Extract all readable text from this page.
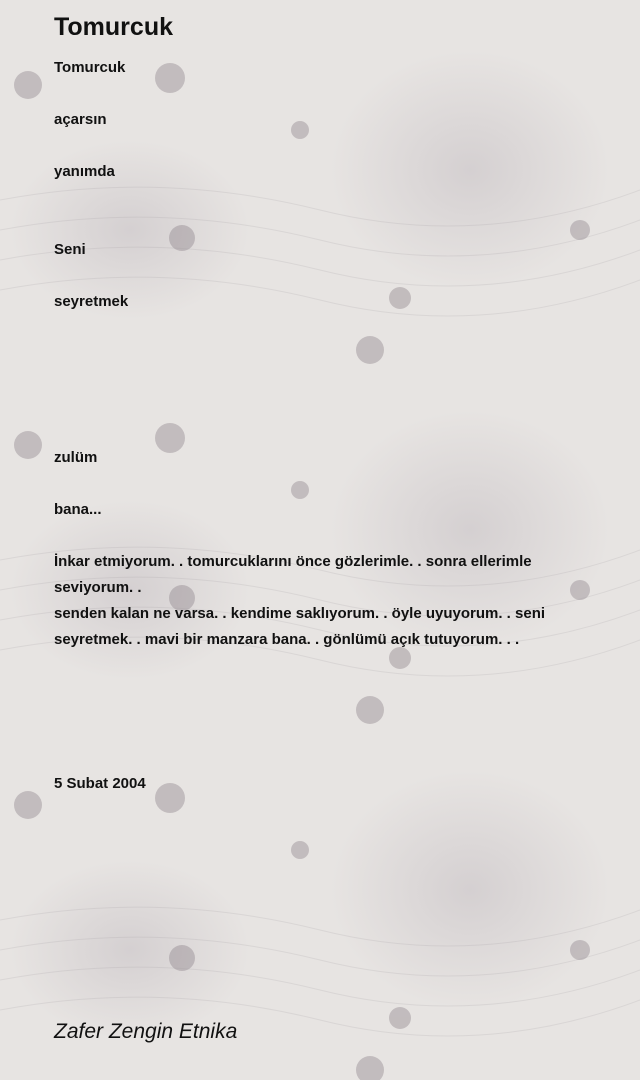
Tomurcuk
Tomurcuk
açarsın
yanımda
Seni
seyretmek
zulüm
bana...
İnkar etmiyorum. . tomurcuklarını önce gözlerimle. . sonra ellerimle
seviyorum. .
senden kalan ne varsa. . kendime saklıyorum. . öyle uyuyorum. . seni
seyretmek. . mavi bir manzara bana. . gönlümü açık tutuyorum. . .
5 Subat 2004
Zafer Zengin Etnika
